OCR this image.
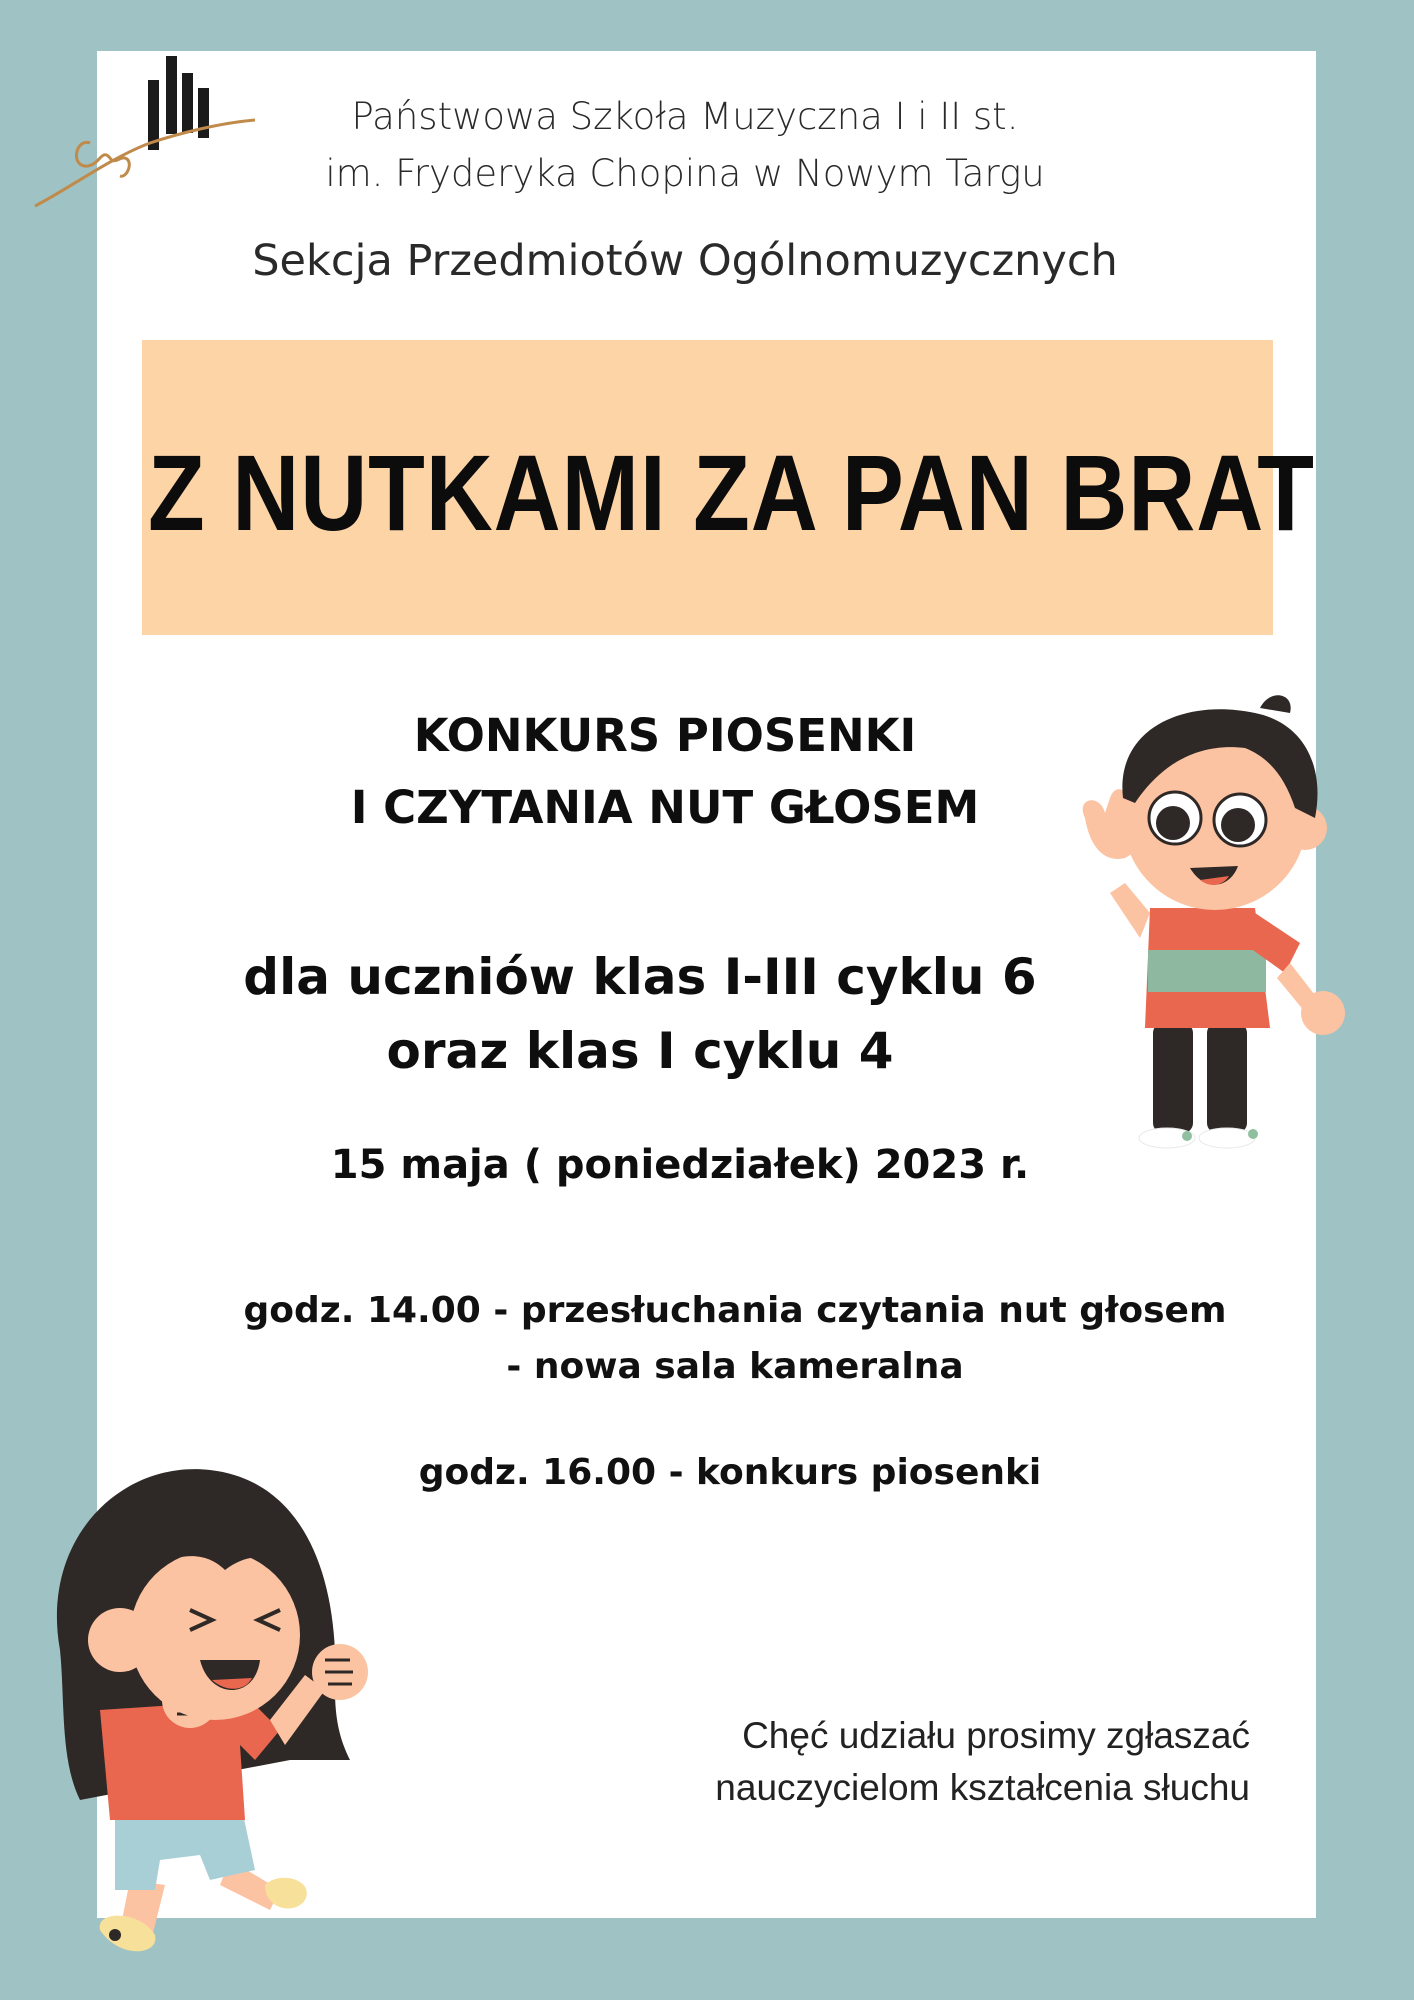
Państwowa Szkoła Muzyczna I i II st.
im. Fryderyka Chopina w Nowym Targu
Sekcja Przedmiotów Ogólnomuzycznych
Z NUTKAMI ZA PAN BRAT
KONKURS PIOSENKI
I CZYTANIA NUT GŁOSEM
dla uczniów klas I-III cyklu 6
oraz klas I cyklu 4
15 maja ( poniedziałek) 2023 r.
godz. 14.00 - przesłuchania czytania nut głosem
- nowa sala kameralna
godz. 16.00 - konkurs piosenki
Chęć udziału prosimy zgłaszać
nauczycielom kształcenia słuchu
